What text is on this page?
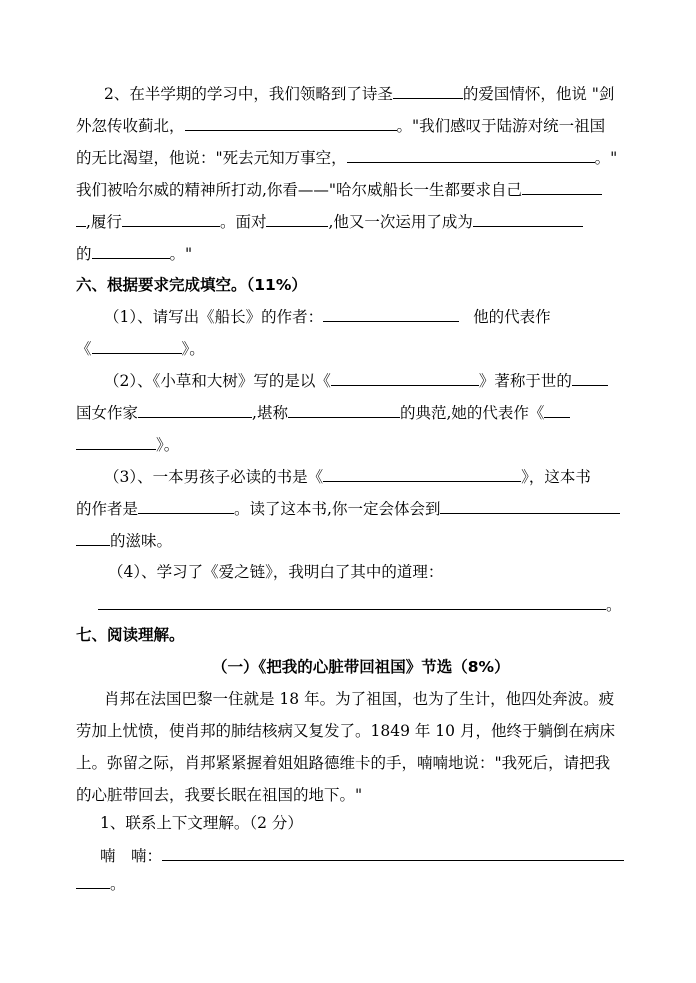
2、在半学期的学习中，我们领略到了诗圣	的爱国情怀，他说 "剑
外忽传收蓟北，	。"我们感叹于陆游对统一祖国
的无比渴望，他说："死去元知万事空，	。"
我们被哈尔威的精神所打动,你看——"哈尔威船长一生都要求自己
,履行	。面对	,他又一次运用了成为
的	。"
六、根据要求完成填空。（11%）
（1）、请写出《船长》的作者：	他的代表作
《	》。
（2）、《小草和大树》写的是以《	》著称于世的
国女作家	,堪称	的典范,她的代表作《
》。
（3）、一本男孩子必读的书是《	》，这本书
的作者是	。读了这本书,你一定会体会到
的滋味。
（4）、学习了《爱之链》，我明白了其中的道理：
。
七、阅读理解。
（一）《把我的心脏带回祖国》节选（8%）
肖邦在法国巴黎一住就是 18 年。为了祖国，也为了生计，他四处奔波。疲
劳加上忧愤，使肖邦的肺结核病又复发了。1849 年 10 月，他终于躺倒在病床
上。弥留之际，肖邦紧紧握着姐姐路德维卡的手，喃喃地说："我死后，请把我
的心脏带回去，我要长眠在祖国的地下。"
1、联系上下文理解。（2 分）
喃　喃：
。
